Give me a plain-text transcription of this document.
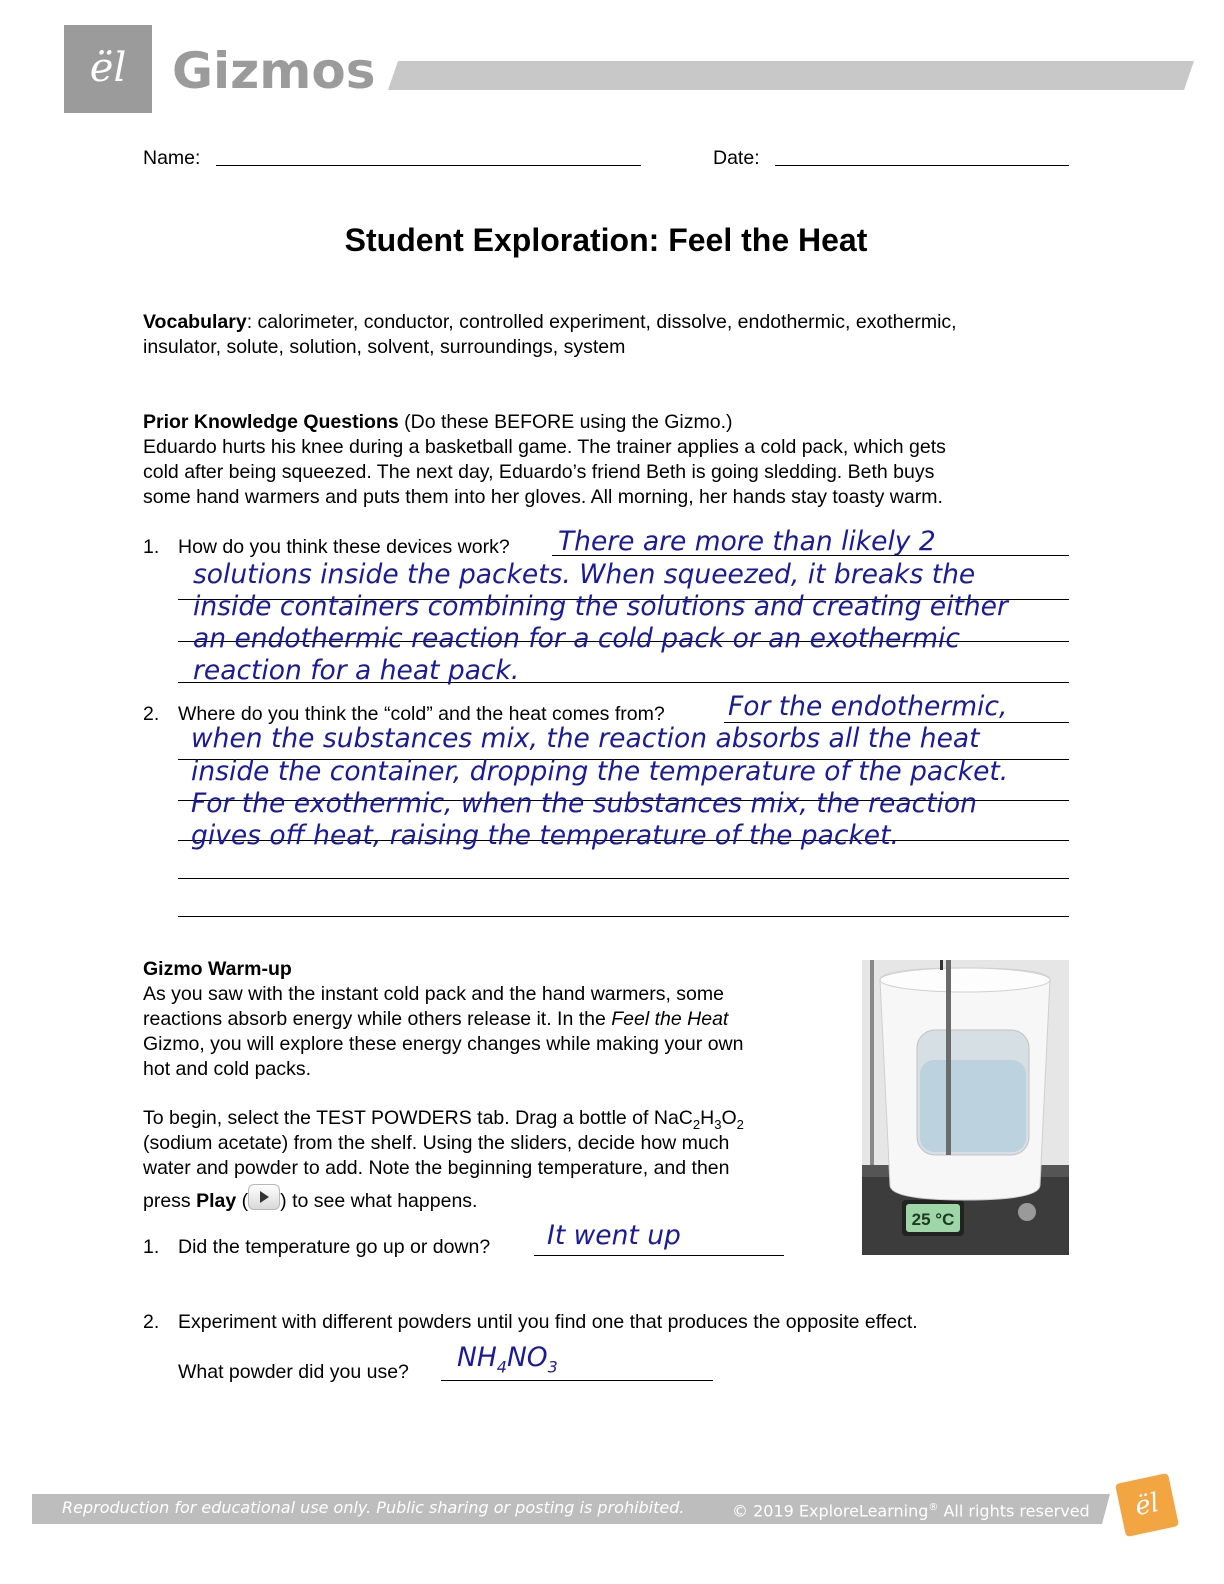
ël Gizmos
Name:	Date:
Student Exploration: Feel the Heat
Vocabulary: calorimeter, conductor, controlled experiment, dissolve, endothermic, exothermic,
insulator, solute, solution, solvent, surroundings, system
Prior Knowledge Questions (Do these BEFORE using the Gizmo.)
Eduardo hurts his knee during a basketball game. The trainer applies a cold pack, which gets
cold after being squeezed. The next day, Eduardo’s friend Beth is going sledding. Beth buys
some hand warmers and puts them into her gloves. All morning, her hands stay toasty warm.
1. How do you think these devices work? There are more than likely 2
solutions inside the packets. When squeezed, it breaks the
inside containers combining the solutions and creating either
an endothermic reaction for a cold pack or an exothermic
reaction for a heat pack.
2. Where do you think the “cold” and the heat comes from? For the endothermic,
when the substances mix, the reaction absorbs all the heat
inside the container, dropping the temperature of the packet.
For the exothermic, when the substances mix, the reaction
gives off heat, raising the temperature of the packet.
Gizmo Warm-up
As you saw with the instant cold pack and the hand warmers, some
reactions absorb energy while others release it. In the Feel the Heat
Gizmo, you will explore these energy changes while making your own
hot and cold packs.
To begin, select the TEST POWDERS tab. Drag a bottle of $NaC_2H_3O_2$
(sodium acetate) from the shelf. Using the sliders, decide how much
water and powder to add. Note the beginning temperature, and then
press Play ( ) to see what happens.
1. Did the temperature go up or down? It went up
2. Experiment with different powders until you find one that produces the opposite effect.
What powder did you use? $NH_4NO_3$
25 °C
Reproduction for educational use only. Public sharing or posting is prohibited.	© 2019 ExploreLearning® All rights reserved	ël
